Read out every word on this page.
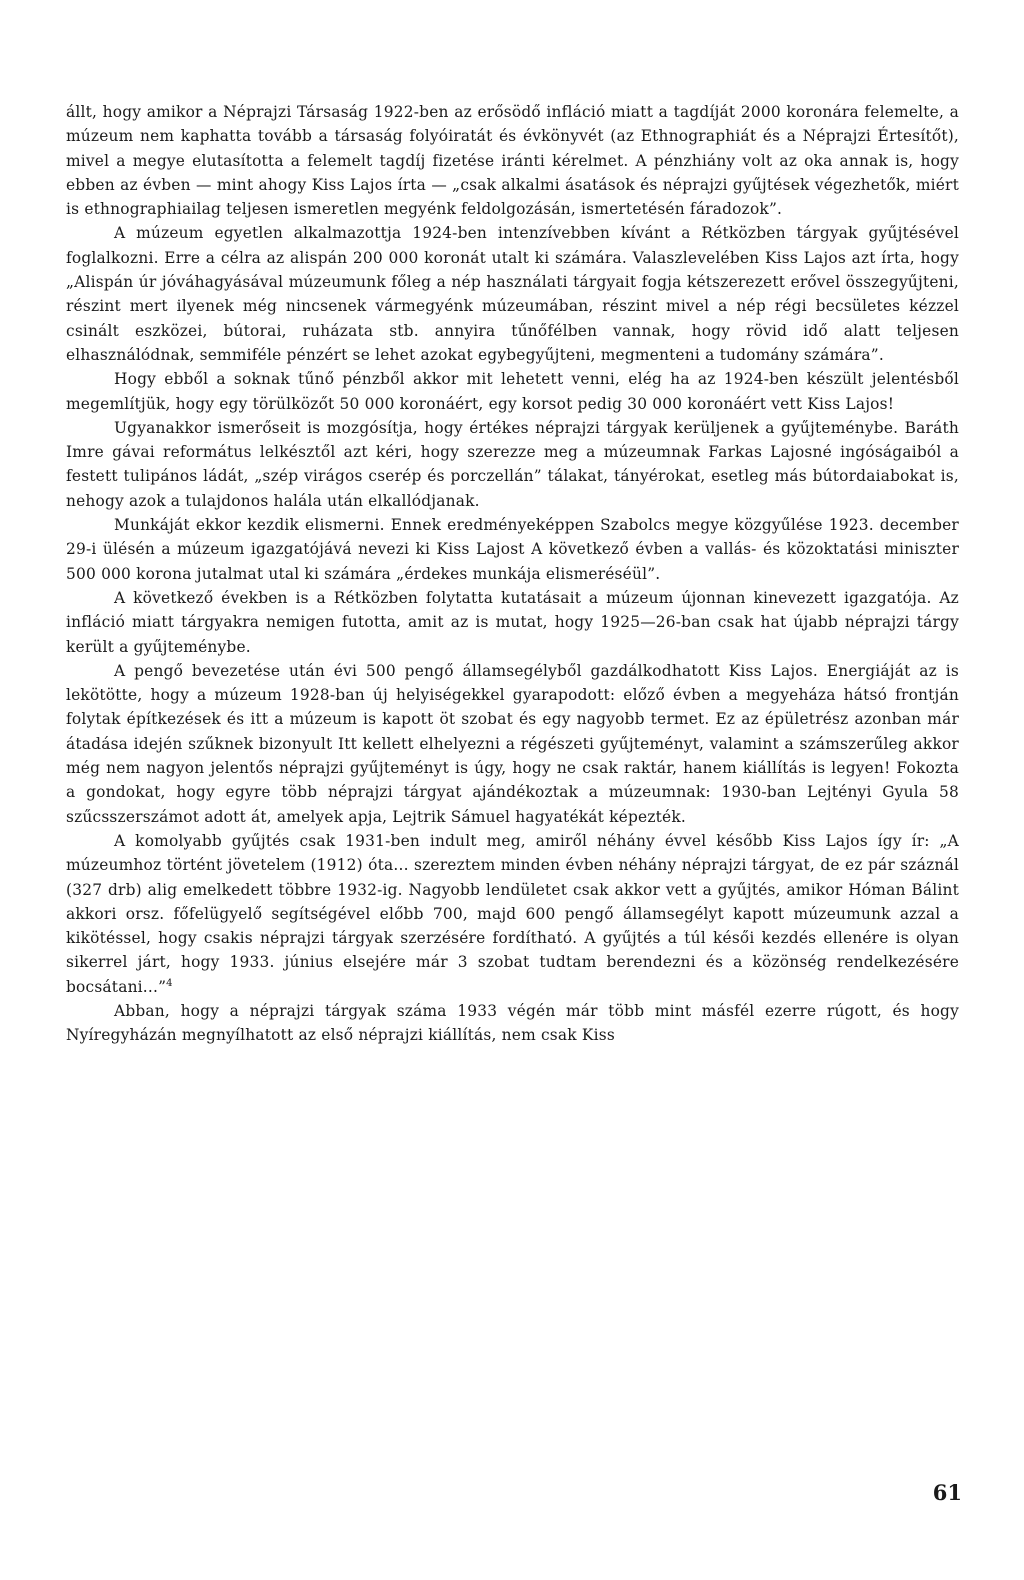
állt, hogy amikor a Néprajzi Társaság 1922-ben az erősödő infláció miatt a tagdíját 2000 koronára felemelte, a múzeum nem kaphatta tovább a társaság folyóiratát és évkönyvét (az Ethnographiát és a Néprajzi Értesítőt), mivel a megye elutasította a felemelt tagdíj fizetése iránti kérelmet. A pénzhiány volt az oka annak is, hogy ebben az évben — mint ahogy Kiss Lajos írta — „csak alkalmi ásatások és néprajzi gyűjtések végezhetők, miért is ethnographiailag teljesen ismeretlen megyénk feldolgozásán, ismertetésén fáradozok”.

A múzeum egyetlen alkalmazottja 1924-ben intenzívebben kívánt a Rétközben tárgyak gyűjtésével foglalkozni. Erre a célra az alispán 200 000 koronát utalt ki számára. Valaszlevelében Kiss Lajos azt írta, hogy „Alispán úr jóváhagyásával múzeumunk főleg a nép használati tárgyait fogja kétszerezett erővel összegyűjteni, részint mert ilyenek még nincsenek vármegyénk múzeumában, részint mivel a nép régi becsületes kézzel csinált eszközei, bútorai, ruházata stb. annyira tűnőfélben vannak, hogy rövid idő alatt teljesen elhasználódnak, semmiféle pénzért se lehet azokat egybegyűjteni, megmenteni a tudomány számára”.

Hogy ebből a soknak tűnő pénzből akkor mit lehetett venni, elég ha az 1924-ben készült jelentésből megemlítjük, hogy egy törülközőt 50 000 koronáért, egy korsot pedig 30 000 koronáért vett Kiss Lajos!

Ugyanakkor ismerőseit is mozgósítja, hogy értékes néprajzi tárgyak kerüljenek a gyűjteménybe. Baráth Imre gávai református lelkésztől azt kéri, hogy szerezze meg a múzeumnak Farkas Lajosné ingóságaiból a festett tulipános ládát, „szép virágos cserép és porczellán” tálakat, tányérokat, esetleg más bútordaiabokat is, nehogy azok a tulajdonos halála után elkallódjanak.

Munkáját ekkor kezdik elismerni. Ennek eredményeképpen Szabolcs megye közgyűlése 1923. december 29-i ülésén a múzeum igazgatójává nevezi ki Kiss Lajost A következő évben a vallás- és közoktatási miniszter 500 000 korona jutalmat utal ki számára „érdekes munkája elismeréséül”.

A következő években is a Rétközben folytatta kutatásait a múzeum újonnan kinevezett igazgatója. Az infláció miatt tárgyakra nemigen futotta, amit az is mutat, hogy 1925—26-ban csak hat újabb néprajzi tárgy került a gyűjteménybe.

A pengő bevezetése után évi 500 pengő államsegélyből gazdálkodhatott Kiss Lajos. Energiáját az is lekötötte, hogy a múzeum 1928-ban új helyiségekkel gyarapodott: előző évben a megyeháza hátsó frontján folytak építkezések és itt a múzeum is kapott öt szobat és egy nagyobb termet. Ez az épületrész azonban már átadása idején szűknek bizonyult Itt kellett elhelyezni a régészeti gyűjteményt, valamint a számszerűleg akkor még nem nagyon jelentős néprajzi gyűjteményt is úgy, hogy ne csak raktár, hanem kiállítás is legyen! Fokozta a gondokat, hogy egyre több néprajzi tárgyat ajándékoztak a múzeumnak: 1930-ban Lejtényi Gyula 58 szűcsszerszámot adott át, amelyek apja, Lejtrik Sámuel hagyatékát képezték.

A komolyabb gyűjtés csak 1931-ben indult meg, amiről néhány évvel később Kiss Lajos így ír: „A múzeumhoz történt jövetelem (1912) óta... szereztem minden évben néhány néprajzi tárgyat, de ez pár száznál (327 drb) alig emelkedett többre 1932-ig. Nagyobb lendületet csak akkor vett a gyűjtés, amikor Hóman Bálint akkori orsz. főfelügyelő segítségével előbb 700, majd 600 pengő államsegélyt kapott múzeumunk azzal a kikötéssel, hogy csakis néprajzi tárgyak szerzésére fordítható. A gyűjtés a túl késői kezdés ellenére is olyan sikerrel járt, hogy 1933. június elsejére már 3 szobat tudtam berendezni és a közönség rendelkezésére bocsátani...”$^4$

Abban, hogy a néprajzi tárgyak száma 1933 végén már több mint másfél ezerre rúgott, és hogy Nyíregyházán megnyílhatott az első néprajzi kiállítás, nem csak Kiss

61
